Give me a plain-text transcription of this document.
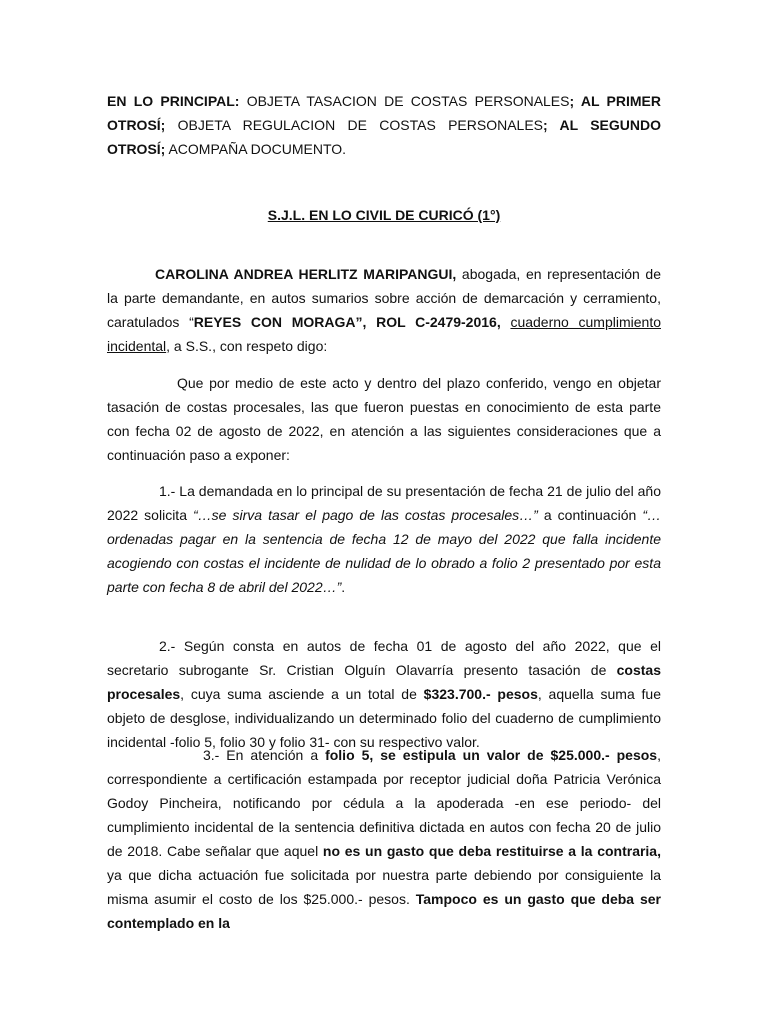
EN LO PRINCIPAL: OBJETA TASACION DE COSTAS PERSONALES; AL PRIMER OTROSÍ; OBJETA REGULACION DE COSTAS PERSONALES; AL SEGUNDO OTROSÍ; ACOMPAÑA DOCUMENTO.
S.J.L. EN LO CIVIL DE CURICÓ (1°)
CAROLINA ANDREA HERLITZ MARIPANGUI, abogada, en representación de la parte demandante, en autos sumarios sobre acción de demarcación y cerramiento, caratulados “REYES CON MORAGA”, ROL C-2479-2016, cuaderno cumplimiento incidental, a S.S., con respeto digo:
Que por medio de este acto y dentro del plazo conferido, vengo en objetar tasación de costas procesales, las que fueron puestas en conocimiento de esta parte con fecha 02 de agosto de 2022, en atención a las siguientes consideraciones que a continuación paso a exponer:
1.- La demandada en lo principal de su presentación de fecha 21 de julio del año 2022 solicita “…se sirva tasar el pago de las costas procesales…” a continuación “… ordenadas pagar en la sentencia de fecha 12 de mayo del 2022 que falla incidente acogiendo con costas el incidente de nulidad de lo obrado a folio 2 presentado por esta parte con fecha 8 de abril del 2022…”.
2.- Según consta en autos de fecha 01 de agosto del año 2022, que el secretario subrogante Sr. Cristian Olguín Olavarría presento tasación de costas procesales, cuya suma asciende a un total de $323.700.- pesos, aquella suma fue objeto de desglose, individualizando un determinado folio del cuaderno de cumplimiento incidental -folio 5, folio 30 y folio 31- con su respectivo valor.
3.- En atención a folio 5, se estipula un valor de $25.000.- pesos, correspondiente a certificación estampada por receptor judicial doña Patricia Verónica Godoy Pincheira, notificando por cédula a la apoderada -en ese periodo- del cumplimiento incidental de la sentencia definitiva dictada en autos con fecha 20 de julio de 2018. Cabe señalar que aquel no es un gasto que deba restituirse a la contraria, ya que dicha actuación fue solicitada por nuestra parte debiendo por consiguiente la misma asumir el costo de los $25.000.- pesos. Tampoco es un gasto que deba ser contemplado en la
